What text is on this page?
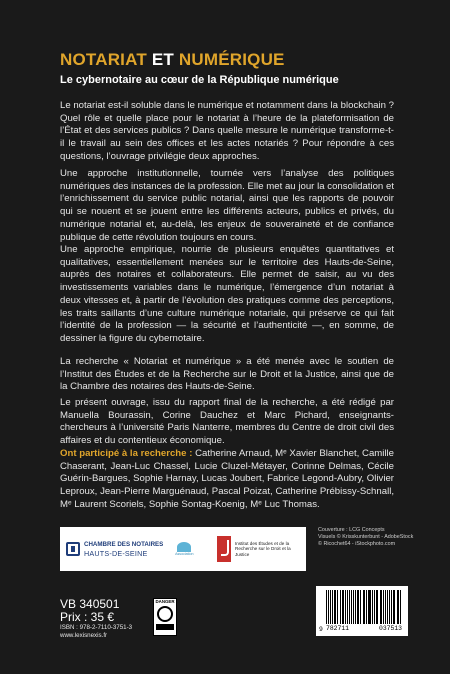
NOTARIAT ET NUMÉRIQUE
Le cybernotaire au cœur de la République numérique

Le notariat est-il soluble dans le numérique et notamment dans la blockchain ? Quel rôle et quelle place pour le notariat à l’heure de la plateformisation de l’État et des services publics ? Dans quelle mesure le numérique transforme-t-il le travail au sein des offices et les actes notariés ? Pour répondre à ces questions, l’ouvrage privilégie deux approches.

Une approche institutionnelle, tournée vers l’analyse des politiques numériques des instances de la profession. Elle met au jour la consolidation et l’enrichissement du service public notarial, ainsi que les rapports de pouvoir qui se nouent et se jouent entre les différents acteurs, publics et privés, du numérique notarial et, au-delà, les enjeux de souveraineté et de confiance publique de cette révolution toujours en cours.

Une approche empirique, nourrie de plusieurs enquêtes quantitatives et qualitatives, essentiellement menées sur le territoire des Hauts-de-Seine, auprès des notaires et collaborateurs. Elle permet de saisir, au vu des investissements variables dans le numérique, l’émergence d’un notariat à deux vitesses et, à partir de l’évolution des pratiques comme des perceptions, les traits saillants d’une culture numérique notariale, qui préserve ce qui fait l’identité de la profession — la sécurité et l’authenticité —, en somme, de dessiner la figure du cybernotaire.

La recherche « Notariat et numérique » a été menée avec le soutien de l’Institut des Études et de la Recherche sur le Droit et la Justice, ainsi que de la Chambre des notaires des Hauts-de-Seine.

Le présent ouvrage, issu du rapport final de la recherche, a été rédigé par Manuella Bourassin, Corine Dauchez et Marc Pichard, enseignants-chercheurs à l’université Paris Nanterre, membres du Centre de droit civil des affaires et du contentieux économique.

Ont participé à la recherche : Catherine Arnaud, Mᵉ Xavier Blanchet, Camille Chaserant, Jean-Luc Chassel, Lucie Cluzel-Métayer, Corinne Delmas, Cécile Guérin-Bargues, Sophie Harnay, Lucas Joubert, Fabrice Legond-Aubry, Olivier Leproux, Jean-Pierre Marguénaud, Pascal Poizat, Catherine Prébissy-Schnall, Mᵉ Laurent Scoriels, Sophie Sontag-Koenig, Mᵉ Luc Thomas.

CHAMBRE DES NOTAIRES
HAUTS-DE-SEINE	Association
Institut des Études et de la Recherche sur le Droit et la Justice
Couverture : LCG Concepts
Visuels © Krisskunterbunt - AdobeStock
© Ricochet64 - iStockphoto.com
VB 340501
Prix : 35 €
ISBN : 978-2-7110-3751-3
www.lexisnexis.fr
DANGER
782711	037513
9
